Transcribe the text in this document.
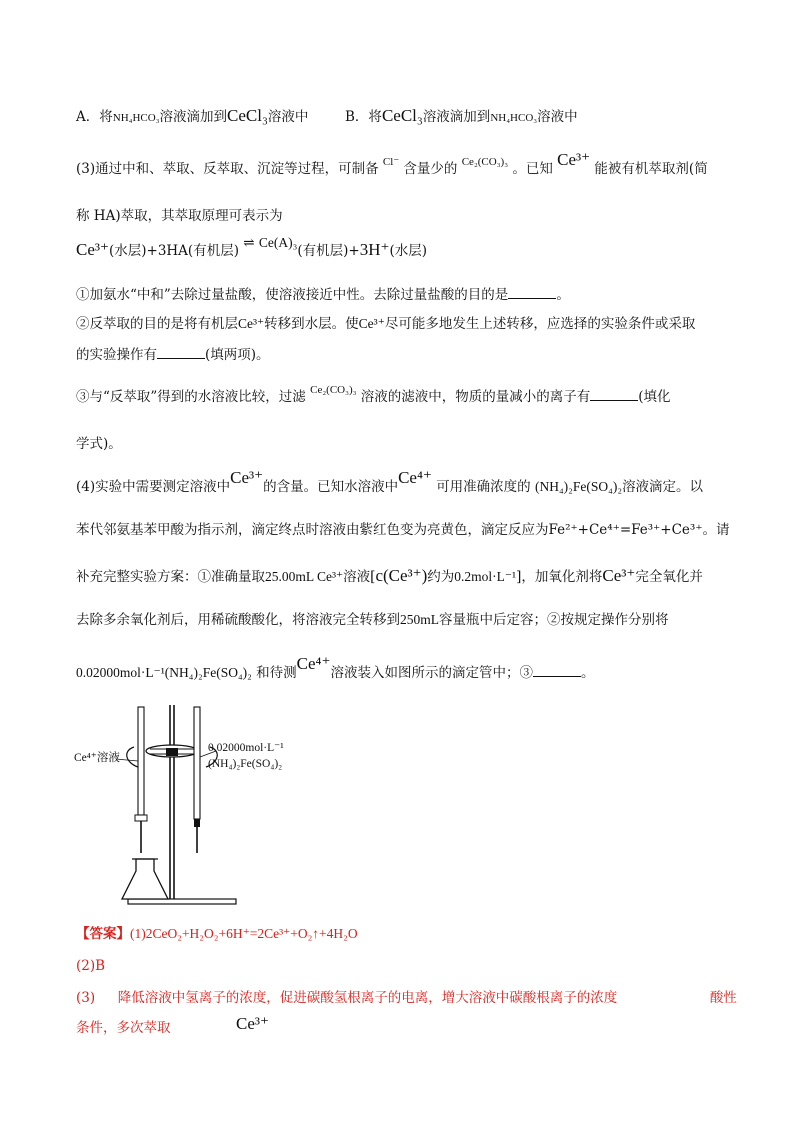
A．将NH₄HCO₃溶液滴加到CeCl₃溶液中	B．将CeCl₃溶液滴加到NH₄HCO₃溶液中
(3)通过中和、萃取、反萃取、沉淀等过程，可制备 $^{Cl^-}$ 含量少的 $^{Ce_2(CO_3)_3}$ 。已知 Ce³⁺ 能被有机萃取剂(简
称 HA)萃取，其萃取原理可表示为
Ce³⁺(水层)+3HA(有机层) ⇌ Ce(A)₃(有机层)+3H⁺(水层)
①加氨水“中和”去除过量盐酸，使溶液接近中性。去除过量盐酸的目的是	。
②反萃取的目的是将有机层Ce³⁺转移到水层。使Ce³⁺尽可能多地发生上述转移，应选择的实验条件或采取
的实验操作有	(填两项)。
③与“反萃取”得到的水溶液比较，过滤 $^{Ce_2(CO_3)_3}$ 溶液的滤液中，物质的量减小的离子有	(填化
学式)。
(4)实验中需要测定溶液中Ce³⁺的含量。已知水溶液中Ce⁴⁺ 可用准确浓度的 (NH₄)₂Fe(SO₄)₂溶液滴定。以
苯代邻氨基苯甲酸为指示剂，滴定终点时溶液由紫红色变为亮黄色，滴定反应为Fe²⁺+Ce⁴⁺=Fe³⁺+Ce³⁺。请
补充完整实验方案：①准确量取25.00mL Ce³⁺溶液[c(Ce³⁺)约为0.2mol·L⁻¹]，加氧化剂将Ce³⁺完全氧化并
去除多余氧化剂后，用稀硫酸酸化，将溶液完全转移到250mL容量瓶中后定容；②按规定操作分别将
0.02000mol·L⁻¹(NH₄)₂Fe(SO₄)₂ 和待测Ce⁴⁺溶液装入如图所示的滴定管中；③	。
Ce⁴⁺溶液
0.02000mol·L⁻¹
(NH₄)₂Fe(SO₄)₂
【答案】(1)2CeO₂+H₂O₂+6H⁺=2Ce³⁺+O₂↑+4H₂O
(2)B
(3) 降低溶液中氢离子的浓度，促进碳酸氢根离子的电离，增大溶液中碳酸根离子的浓度	酸性
条件，多次萃取	Ce³⁺
